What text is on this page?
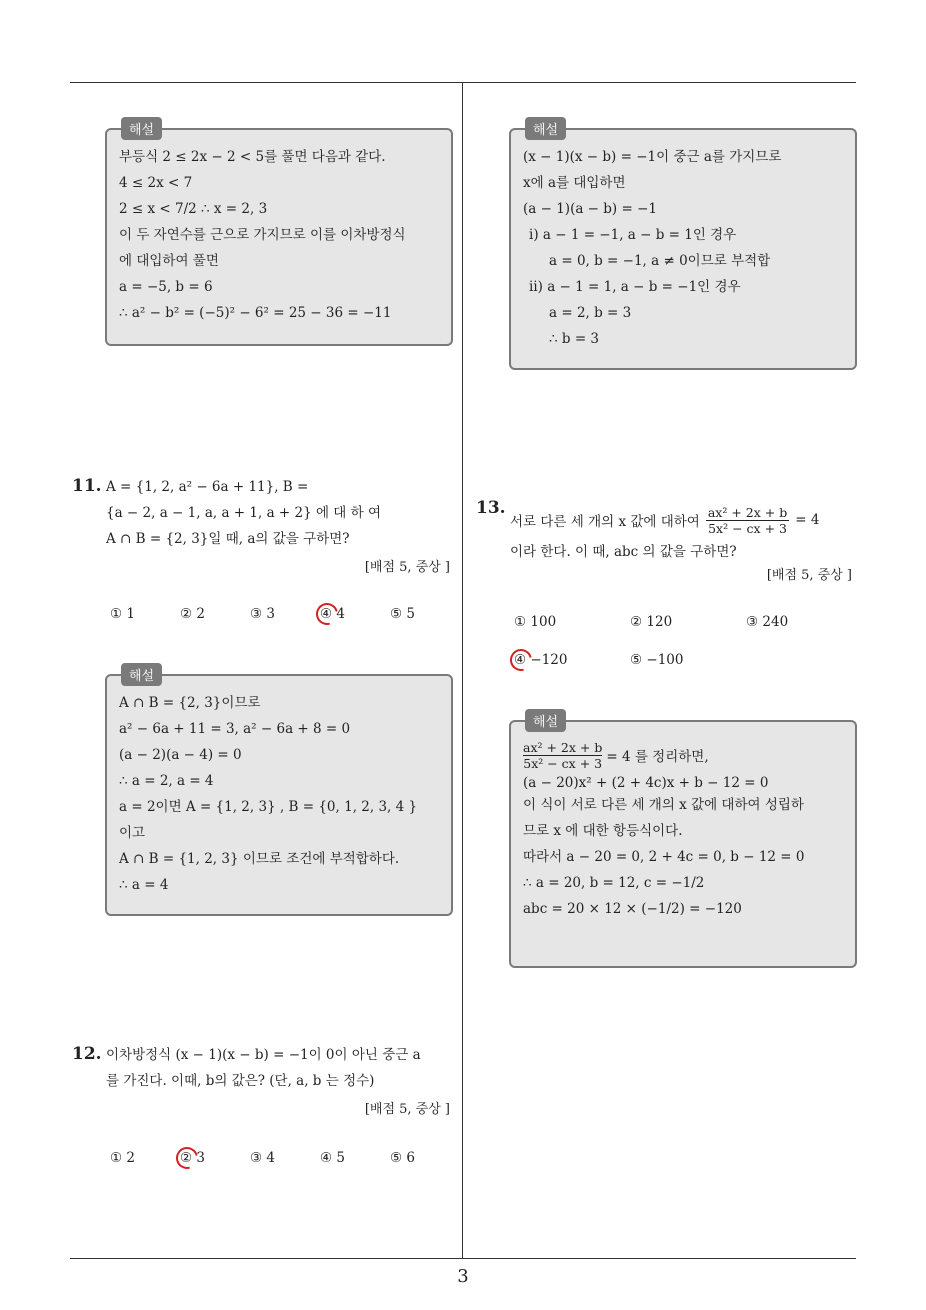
해설
부등식 2 ≤ 2x − 2 < 5를 풀면 다음과 같다.
4 ≤ 2x < 7
2 ≤ x < 7/2 ∴ x = 2, 3
이 두 자연수를 근으로 가지므로 이를 이차방정식
에 대입하여 풀면
a = −5, b = 6
∴ a² − b² = (−5)² − 6² = 25 − 36 = −11
해설
(x − 1)(x − b) = −1이 중근 a를 가지므로
x에 a를 대입하면
(a − 1)(a − b) = −1
ⅰ) a − 1 = −1, a − b = 1인 경우
a = 0, b = −1, a ≠ 0이므로 부적합
ⅱ) a − 1 = 1, a − b = −1인 경우
a = 2, b = 3
∴ b = 3
11. A = {1, 2, a² − 6a + 11}, B =
{a − 2, a − 1, a, a + 1, a + 2} 에 대 하 여
A ∩ B = {2, 3}일 때, a의 값을 구하면?
[배점 5, 중상 ]
① 1	② 2	③ 3	④ 4	⑤ 5
해설
A ∩ B = {2, 3}이므로
a² − 6a + 11 = 3, a² − 6a + 8 = 0
(a − 2)(a − 4) = 0
∴ a = 2, a = 4
a = 2이면 A = {1, 2, 3} , B = {0, 1, 2, 3, 4 }
이고
A ∩ B = {1, 2, 3} 이므로 조건에 부적합하다.
∴ a = 4
12. 이차방정식 (x − 1)(x − b) = −1이 0이 아닌 중근 a
를 가진다. 이때, b의 값은? (단, a, b 는 정수)
[배점 5, 중상 ]
① 2	② 3	③ 4	④ 5	⑤ 6
13.
서로 다른 세 개의 x 값에 대하여
ax² + 2x + b
5x² − cx + 3 = 4
이라 한다. 이 때, abc 의 값을 구하면?
[배점 5, 중상 ]
① 100	② 120	③ 240
④ −120	⑤ −100
해설
ax² + 2x + b
5x² − cx + 3 = 4 를 정리하면,
(a − 20)x² + (2 + 4c)x + b − 12 = 0
이 식이 서로 다른 세 개의 x 값에 대하여 성립하
므로 x 에 대한 항등식이다.
따라서 a − 20 = 0, 2 + 4c = 0, b − 12 = 0
∴ a = 20, b = 12, c = −1/2
abc = 20 × 12 × (−1/2) = −120
3
